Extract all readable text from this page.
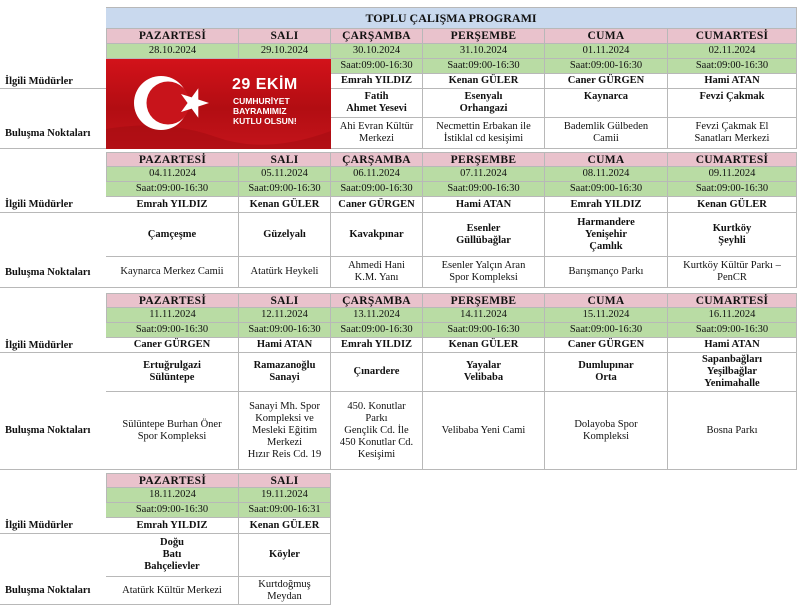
TOPLU ÇALIŞMA PROGRAMI
İlgili Müdürler
Buluşma Noktaları
PAZARTESİ
28.10.2024
SALI
29.10.2024
ÇARŞAMBA
30.10.2024
Saat:09:00-16:30
Emrah YILDIZ
Fatih
Ahmet Yesevi
Ahi Evran Kültür
Merkezi
PERŞEMBE
31.10.2024
Saat:09:00-16:30
Kenan GÜLER
Esenyalı
Orhangazi
Necmettin Erbakan ile
İstiklal cd kesişimi
CUMA
01.11.2024
Saat:09:00-16:30
Caner GÜRGEN
Kaynarca
Bademlik Gülbeden
Camii
CUMARTESİ
02.11.2024
Saat:09:00-16:30
Hami ATAN
Fevzi Çakmak
Fevzi Çakmak El
Sanatları Merkezi
İlgili Müdürler
Buluşma Noktaları
PAZARTESİ
04.11.2024
Saat:09:00-16:30
Emrah YILDIZ
Çamçeşme
Kaynarca Merkez Camii
SALI
05.11.2024
Saat:09:00-16:30
Kenan GÜLER
Güzelyalı
Atatürk Heykeli
ÇARŞAMBA
06.11.2024
Saat:09:00-16:30
Caner GÜRGEN
Kavakpınar
Ahmedi Hani
K.M. Yanı
PERŞEMBE
07.11.2024
Saat:09:00-16:30
Hami ATAN
Esenler
Güllübağlar
Esenler Yalçın Aran
Spor Kompleksi
CUMA
08.11.2024
Saat:09:00-16:30
Emrah YILDIZ
Harmandere
Yenişehir
Çamlık
Barışmanço Parkı
CUMARTESİ
09.11.2024
Saat:09:00-16:30
Kenan GÜLER
Kurtköy
Şeyhli
Kurtköy Kültür Parkı –
PenCR
İlgili Müdürler
Buluşma Noktaları
PAZARTESİ
11.11.2024
Saat:09:00-16:30
Caner GÜRGEN
Ertuğrulgazi
Sülüntepe
Sülüntepe Burhan Öner
Spor Kompleksi
SALI
12.11.2024
Saat:09:00-16:30
Hami ATAN
Ramazanoğlu
Sanayi
Sanayi Mh. Spor
Kompleksi ve
Mesleki Eğitim
Merkezi
Hızır Reis Cd. 19
ÇARŞAMBA
13.11.2024
Saat:09:00-16:30
Emrah YILDIZ
Çınardere
450. Konutlar
Parkı
Gençlik Cd. İle
450 Konutlar Cd.
Kesişimi
PERŞEMBE
14.11.2024
Saat:09:00-16:30
Kenan GÜLER
Yayalar
Velibaba
Velibaba Yeni Cami
CUMA
15.11.2024
Saat:09:00-16:30
Caner GÜRGEN
Dumlupınar
Orta
Dolayoba Spor
Kompleksi
CUMARTESİ
16.11.2024
Saat:09:00-16:30
Hami ATAN
Sapanbağları
Yeşilbağlar
Yenimahalle
Bosna Parkı
İlgili Müdürler
Buluşma Noktaları
PAZARTESİ
18.11.2024
Saat:09:00-16:30
Emrah YILDIZ
Doğu
Batı
Bahçelievler
Atatürk Kültür Merkezi
SALI
19.11.2024
Saat:09:00-16:31
Kenan GÜLER
Köyler
Kurtdoğmuş
Meydan
29 EKİM
CUMHURİYET
BAYRAMIMIZ
KUTLU OLSUN!
